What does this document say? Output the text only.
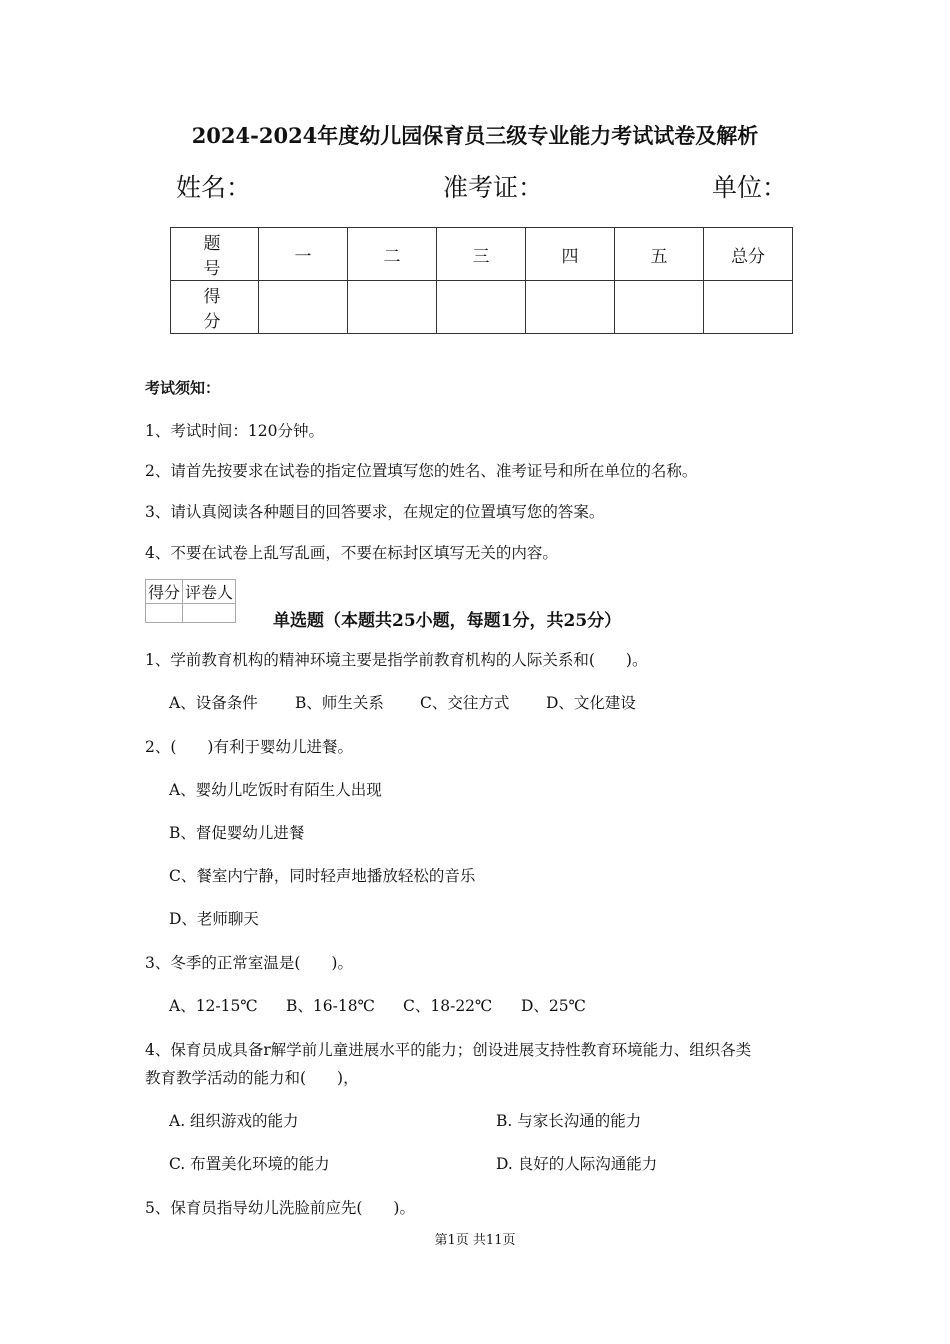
2024-2024年度幼儿园保育员三级专业能力考试试卷及解析
姓名：	准考证：	单位：
题 号	一	二	三	四	五	总分
得 分						
考试须知：
1、考试时间：120分钟。
2、请首先按要求在试卷的指定位置填写您的姓名、准考证号和所在单位的名称。
3、请认真阅读各种题目的回答要求，在规定的位置填写您的答案。
4、不要在试卷上乱写乱画，不要在标封区填写无关的内容。
得分	评卷人

单选题（本题共25小题，每题1分，共25分）
1、学前教育机构的精神环境主要是指学前教育机构的人际关系和(　　)。
A、设备条件 B、师生关系 C、交往方式 D、文化建设
2、(　　)有利于婴幼儿进餐。
A、婴幼儿吃饭时有陌生人出现
B、督促婴幼儿进餐
C、餐室内宁静，同时轻声地播放轻松的音乐
D、老师聊天
3、冬季的正常室温是(　　)。
A、12-15℃ B、16-18℃ C、18-22℃ D、25℃
4、保育员成具备r解学前儿童进展水平的能力；创设进展支持性教育环境能力、组织各类
教育教学活动的能力和(　　)，
A. 组织游戏的能力	B. 与家长沟通的能力
C. 布置美化环境的能力	D. 良好的人际沟通能力
5、保育员指导幼儿洗脸前应先(　　)。
第1页 共11页
